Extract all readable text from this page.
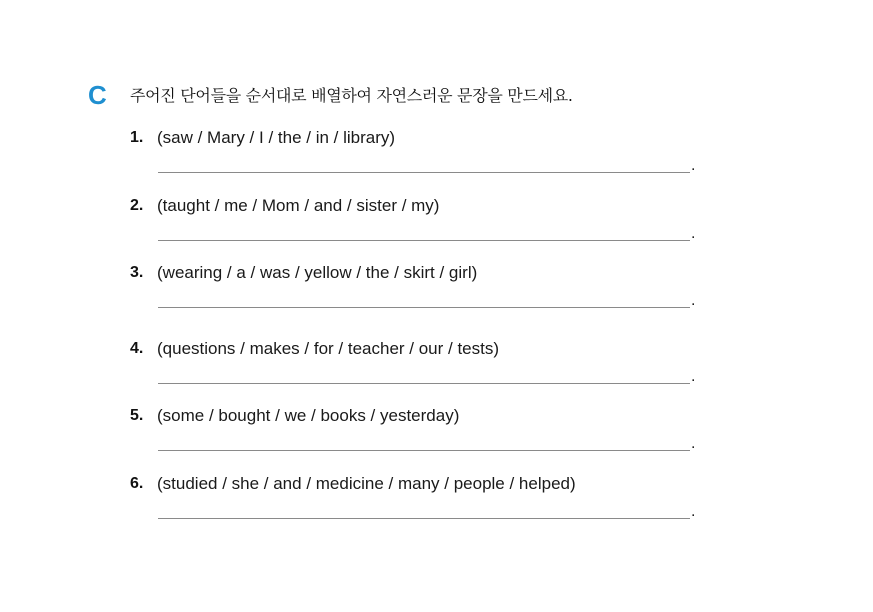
C 주어진 단어들을 순서대로 배열하여 자연스러운 문장을 만드세요.
1. (saw / Mary / I / the / in / library)
.
2. (taught / me / Mom / and / sister / my)
.
3. (wearing / a / was / yellow / the / skirt / girl)
.
4. (questions / makes / for / teacher / our / tests)
.
5. (some / bought / we / books / yesterday)
.
6. (studied / she / and / medicine / many / people / helped)
.
